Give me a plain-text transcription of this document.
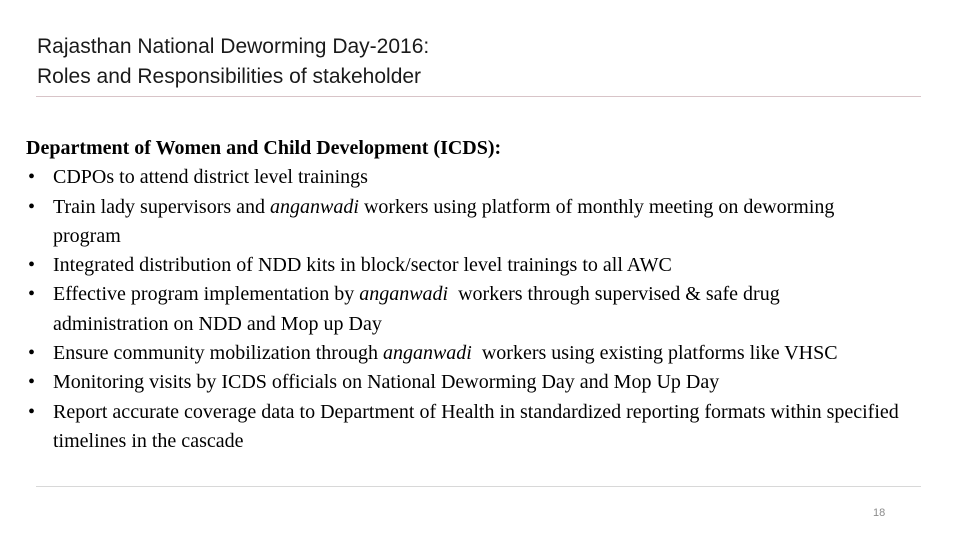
Rajasthan National Deworming Day-2016:
Roles and Responsibilities of stakeholder
Department of Women and Child Development (ICDS):
• CDPOs to attend district level trainings
• Train lady supervisors and anganwadi workers using platform of monthly meeting on deworming program
• Integrated distribution of NDD kits in block/sector level trainings to all AWC
• Effective program implementation by anganwadi  workers through supervised & safe drug   administration on NDD and Mop up Day
• Ensure community mobilization through anganwadi  workers using existing platforms like VHSC
• Monitoring visits by ICDS officials on National Deworming Day and Mop Up Day
• Report accurate coverage data to Department of Health in standardized reporting formats within specified timelines in the cascade
18
